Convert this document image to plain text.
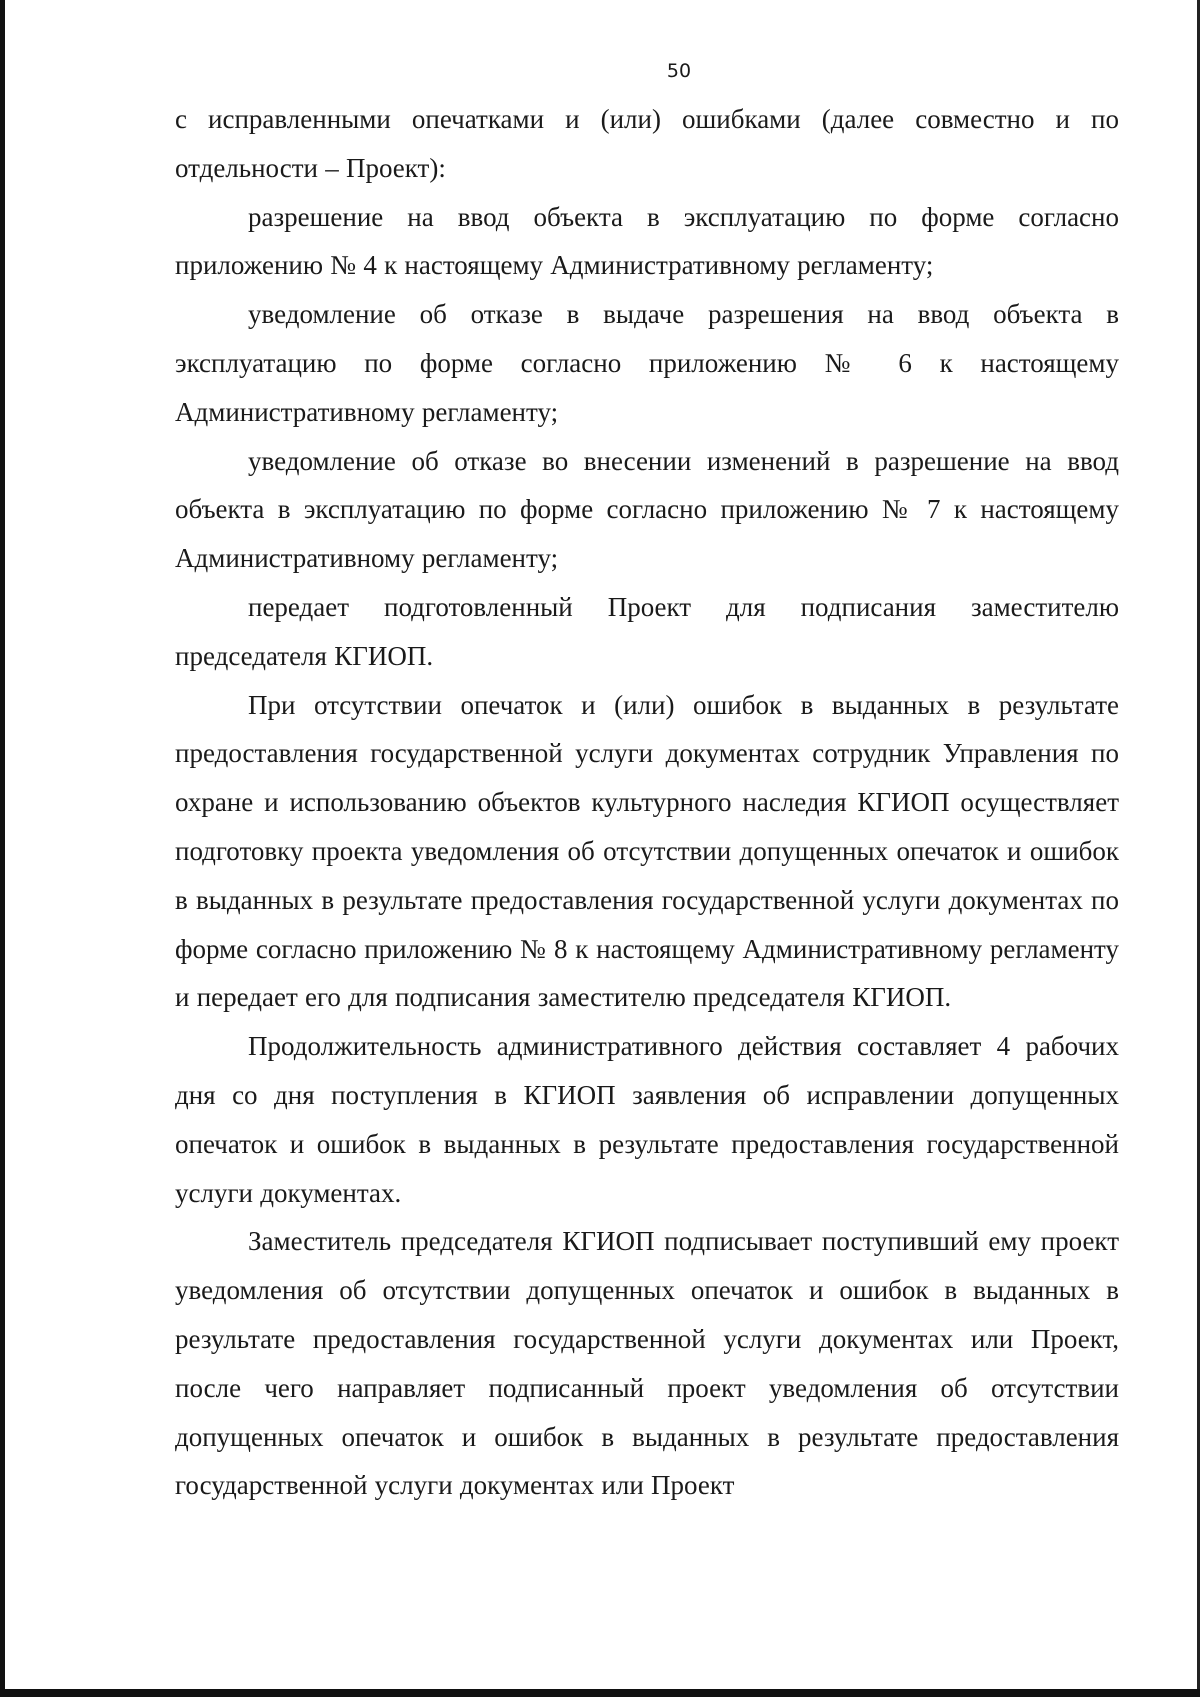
50

с исправленными опечатками и (или) ошибками (далее совместно и по отдельности – Проект):

разрешение на ввод объекта в эксплуатацию по форме согласно приложению № 4 к настоящему Административному регламенту;

уведомление об отказе в выдаче разрешения на ввод объекта в эксплуатацию по форме согласно приложению № 6 к настоящему Административному регламенту;

уведомление об отказе во внесении изменений в разрешение на ввод объекта в эксплуатацию по форме согласно приложению № 7 к настоящему Административному регламенту;

передает подготовленный Проект для подписания заместителю председателя КГИОП.

При отсутствии опечаток и (или) ошибок в выданных в результате предоставления государственной услуги документах сотрудник Управления по охране и использованию объектов культурного наследия КГИОП осуществляет подготовку проекта уведомления об отсутствии допущенных опечаток и ошибок в выданных в результате предоставления государственной услуги документах по форме согласно приложению № 8 к настоящему Административному регламенту и передает его для подписания заместителю председателя КГИОП.

Продолжительность административного действия составляет 4 рабочих дня со дня поступления в КГИОП заявления об исправлении допущенных опечаток и ошибок в выданных в результате предоставления государственной услуги документах.

Заместитель председателя КГИОП подписывает поступивший ему проект уведомления об отсутствии допущенных опечаток и ошибок в выданных в результате предоставления государственной услуги документах или Проект, после чего направляет подписанный проект уведомления об отсутствии допущенных опечаток и ошибок в выданных в результате предоставления государственной услуги документах или Проект
